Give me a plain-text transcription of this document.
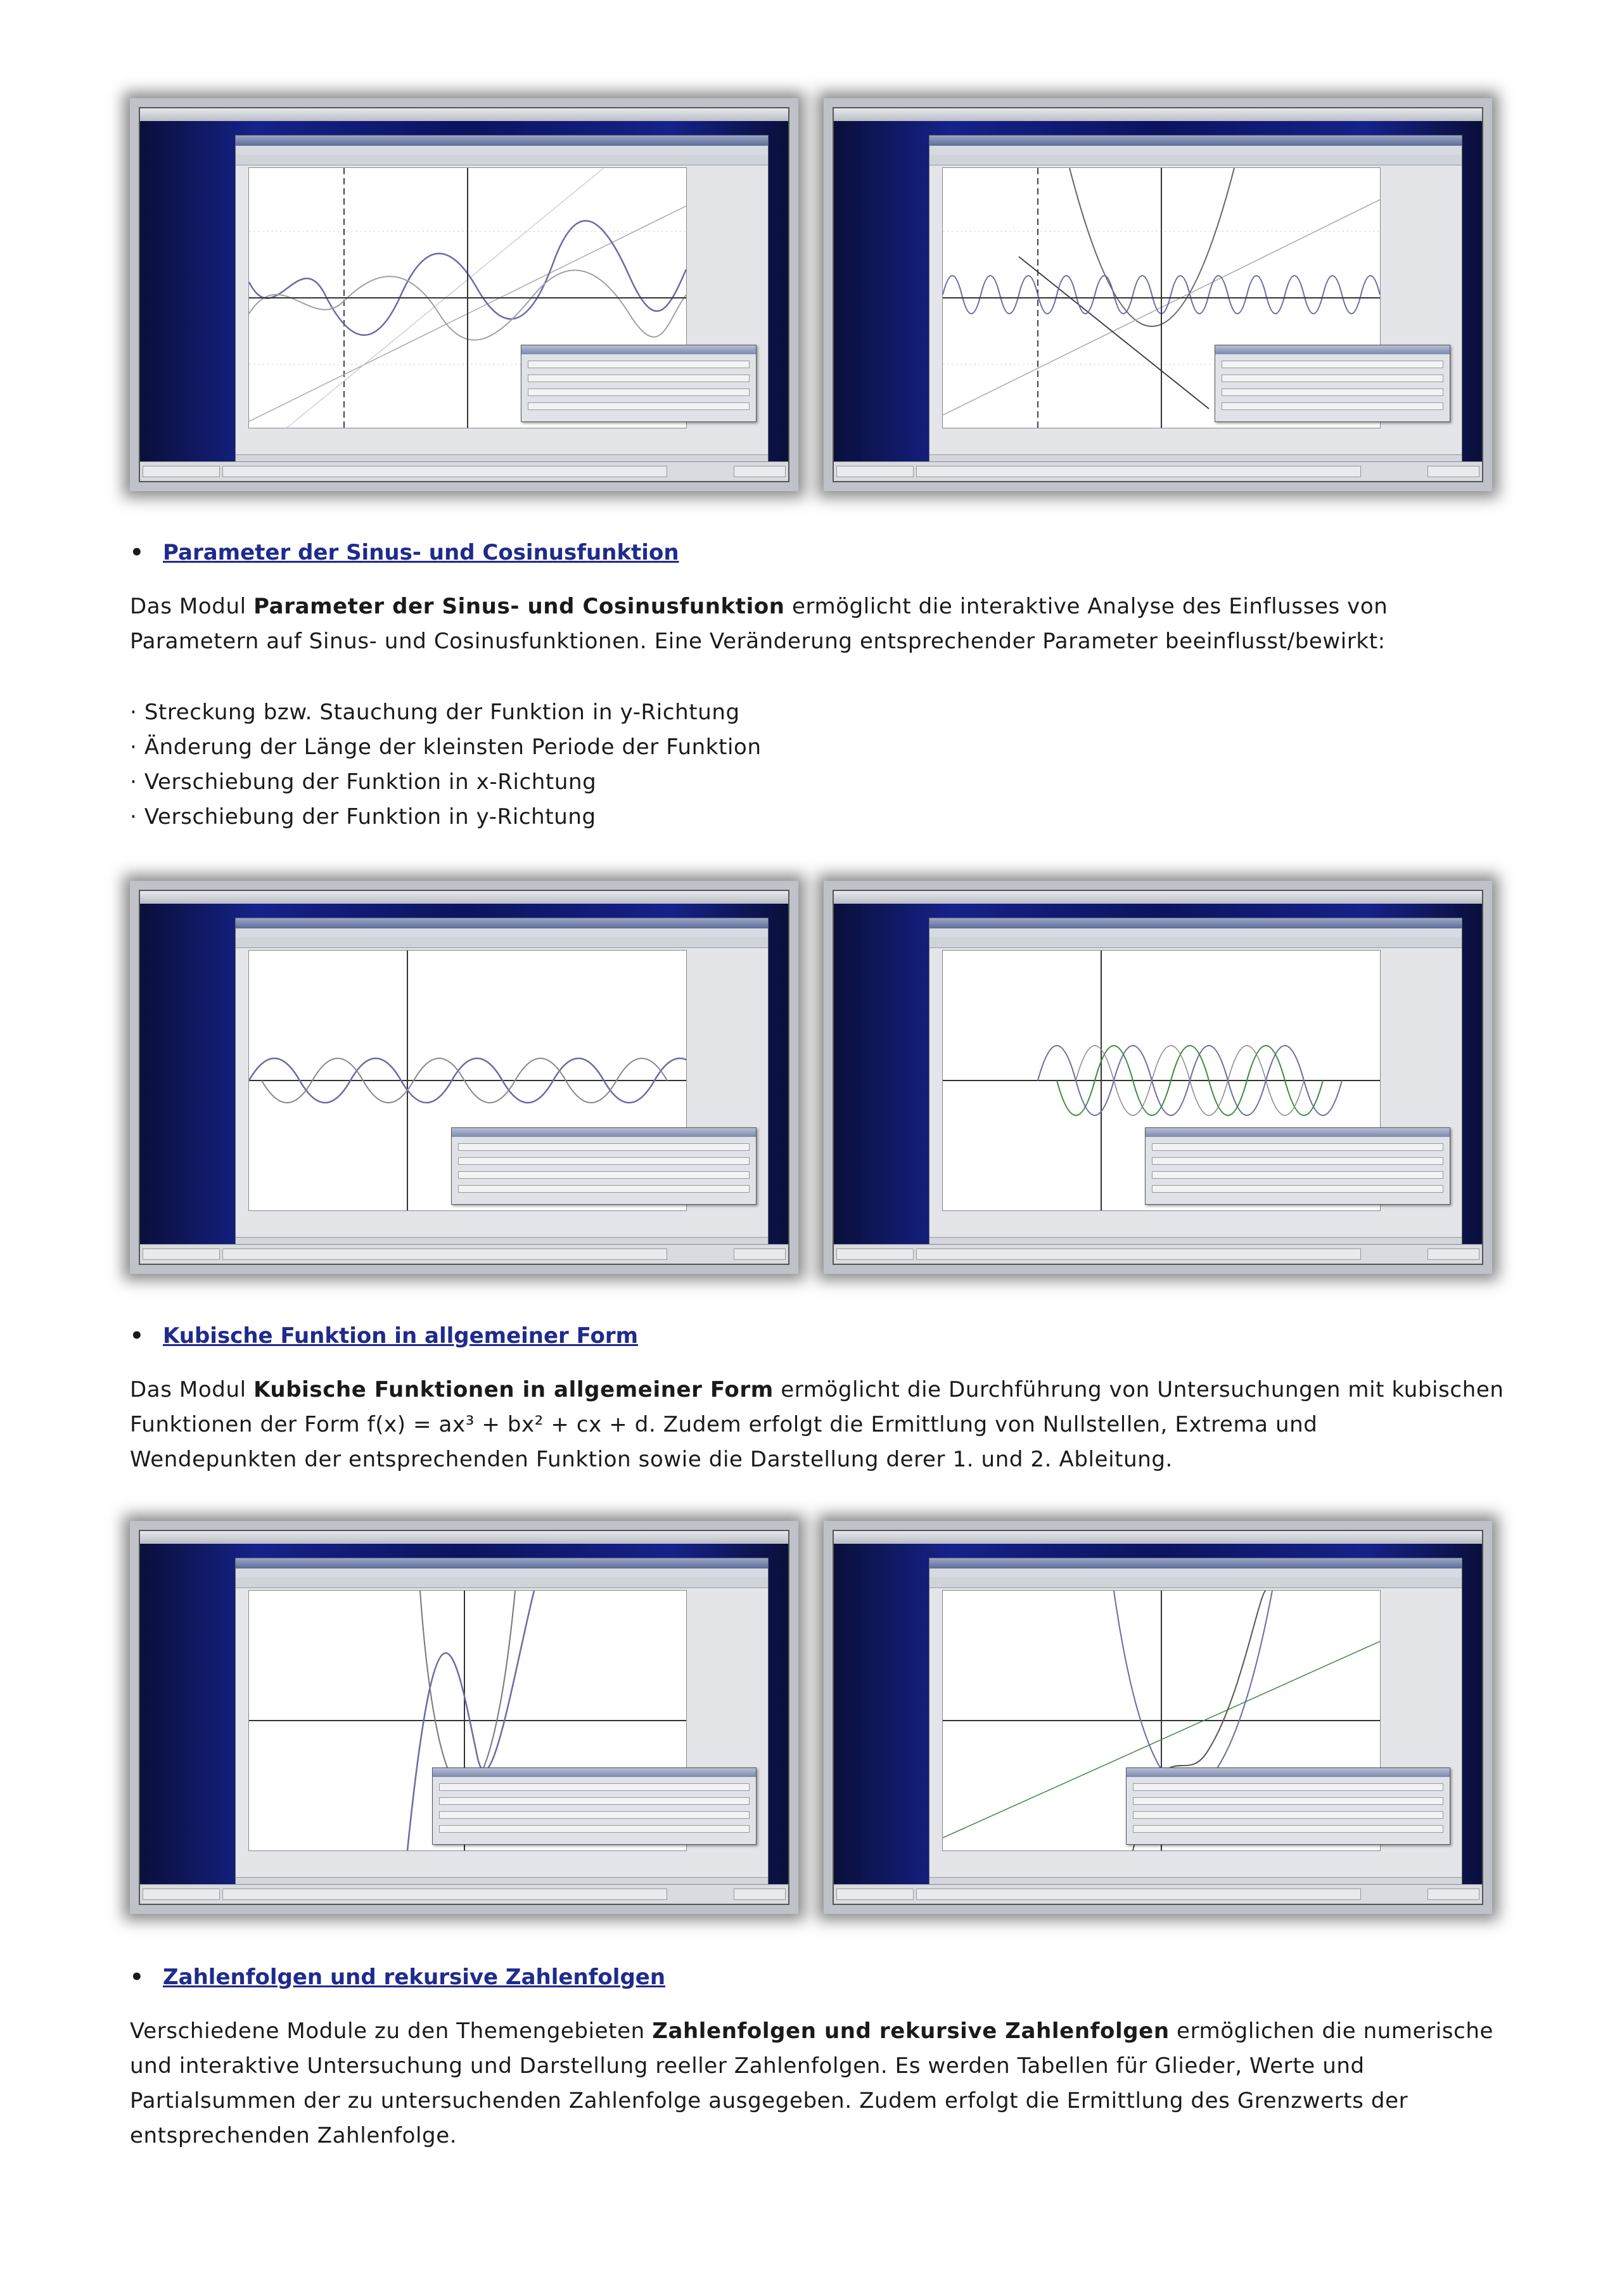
• Parameter der Sinus- und Cosinusfunktion
Das Modul Parameter der Sinus- und Cosinusfunktion ermöglicht die interaktive Analyse des Einflusses von
Parametern auf Sinus- und Cosinusfunktionen. Eine Veränderung entsprechender Parameter beeinflusst/bewirkt:
· Streckung bzw. Stauchung der Funktion in y-Richtung
· Änderung der Länge der kleinsten Periode der Funktion
· Verschiebung der Funktion in x-Richtung
· Verschiebung der Funktion in y-Richtung
• Kubische Funktion in allgemeiner Form
Das Modul Kubische Funktionen in allgemeiner Form ermöglicht die Durchführung von Untersuchungen mit kubischen
Funktionen der Form f(x) = ax³ + bx² + cx + d. Zudem erfolgt die Ermittlung von Nullstellen, Extrema und
Wendepunkten der entsprechenden Funktion sowie die Darstellung derer 1. und 2. Ableitung.
• Zahlenfolgen und rekursive Zahlenfolgen
Verschiedene Module zu den Themengebieten Zahlenfolgen und rekursive Zahlenfolgen ermöglichen die numerische
und interaktive Untersuchung und Darstellung reeller Zahlenfolgen. Es werden Tabellen für Glieder, Werte und
Partialsummen der zu untersuchenden Zahlenfolge ausgegeben. Zudem erfolgt die Ermittlung des Grenzwerts der
entsprechenden Zahlenfolge.
